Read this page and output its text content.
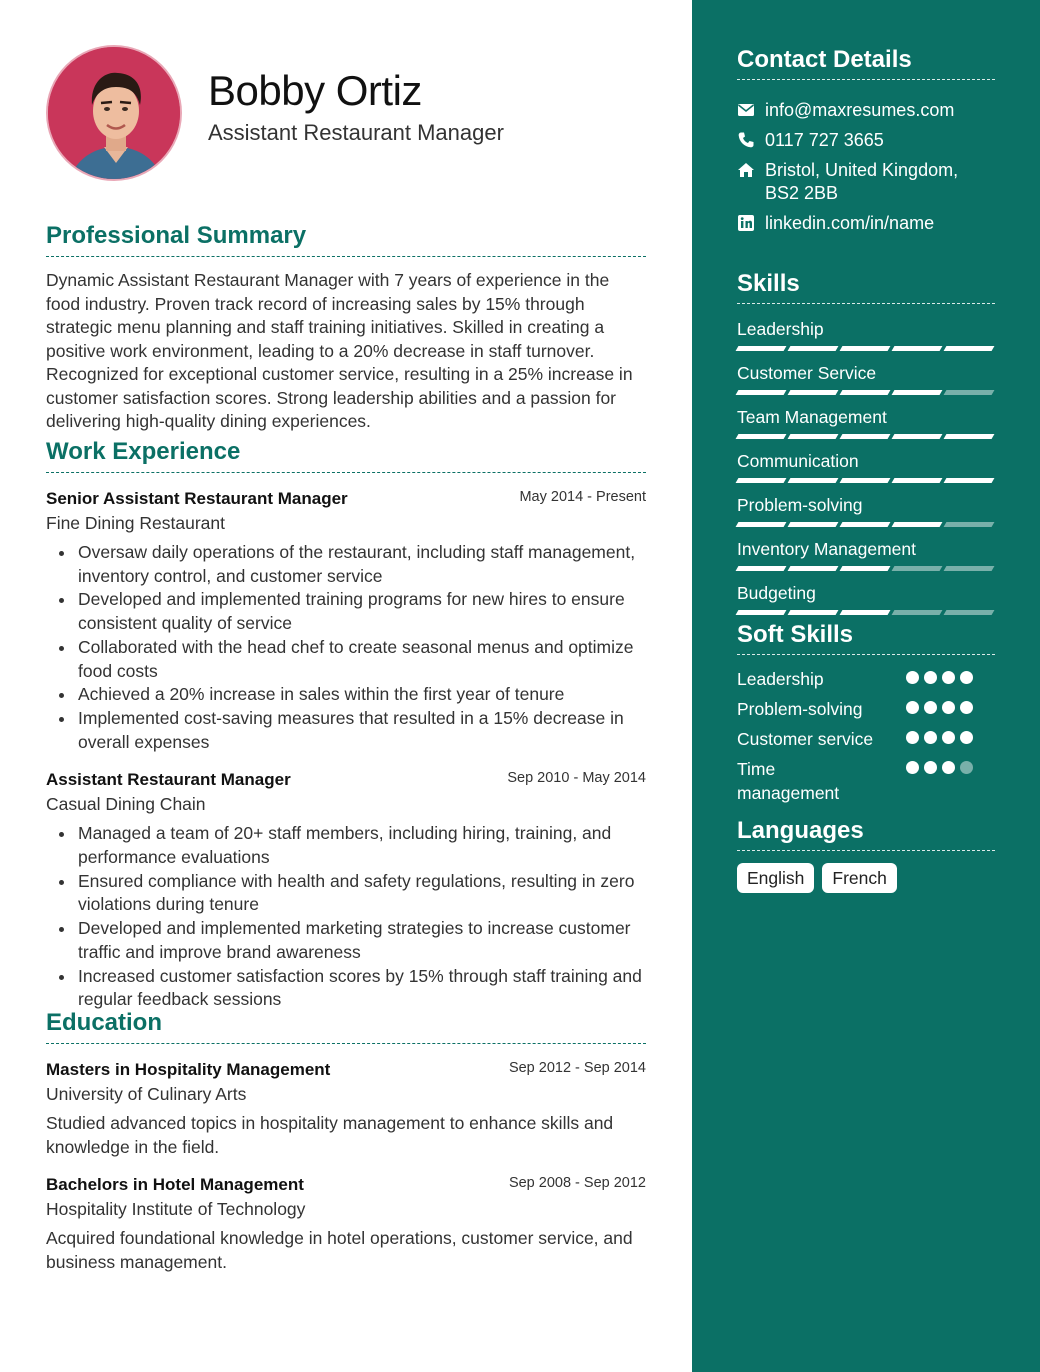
Bobby Ortiz
Assistant Restaurant Manager
Professional Summary
Dynamic Assistant Restaurant Manager with 7 years of experience in the food industry. Proven track record of increasing sales by 15% through strategic menu planning and staff training initiatives. Skilled in creating a positive work environment, leading to a 20% decrease in staff turnover. Recognized for exceptional customer service, resulting in a 25% increase in customer satisfaction scores. Strong leadership abilities and a passion for delivering high-quality dining experiences.
Work Experience
Senior Assistant Restaurant Manager	May 2014 - Present
Fine Dining Restaurant
Oversaw daily operations of the restaurant, including staff management, inventory control, and customer service
Developed and implemented training programs for new hires to ensure consistent quality of service
Collaborated with the head chef to create seasonal menus and optimize food costs
Achieved a 20% increase in sales within the first year of tenure
Implemented cost-saving measures that resulted in a 15% decrease in overall expenses
Assistant Restaurant Manager	Sep 2010 - May 2014
Casual Dining Chain
Managed a team of 20+ staff members, including hiring, training, and performance evaluations
Ensured compliance with health and safety regulations, resulting in zero violations during tenure
Developed and implemented marketing strategies to increase customer traffic and improve brand awareness
Increased customer satisfaction scores by 15% through staff training and regular feedback sessions
Education
Masters in Hospitality Management	Sep 2012 - Sep 2014
University of Culinary Arts
Studied advanced topics in hospitality management to enhance skills and knowledge in the field.
Bachelors in Hotel Management	Sep 2008 - Sep 2012
Hospitality Institute of Technology
Acquired foundational knowledge in hotel operations, customer service, and business management.
Contact Details
info@maxresumes.com
0117 727 3665
Bristol, United Kingdom, BS2 2BB
linkedin.com/in/name
Skills
Leadership
Customer Service
Team Management
Communication
Problem-solving
Inventory Management
Budgeting
Soft Skills
Leadership
Problem-solving
Customer service
Time management
Languages
English	French
